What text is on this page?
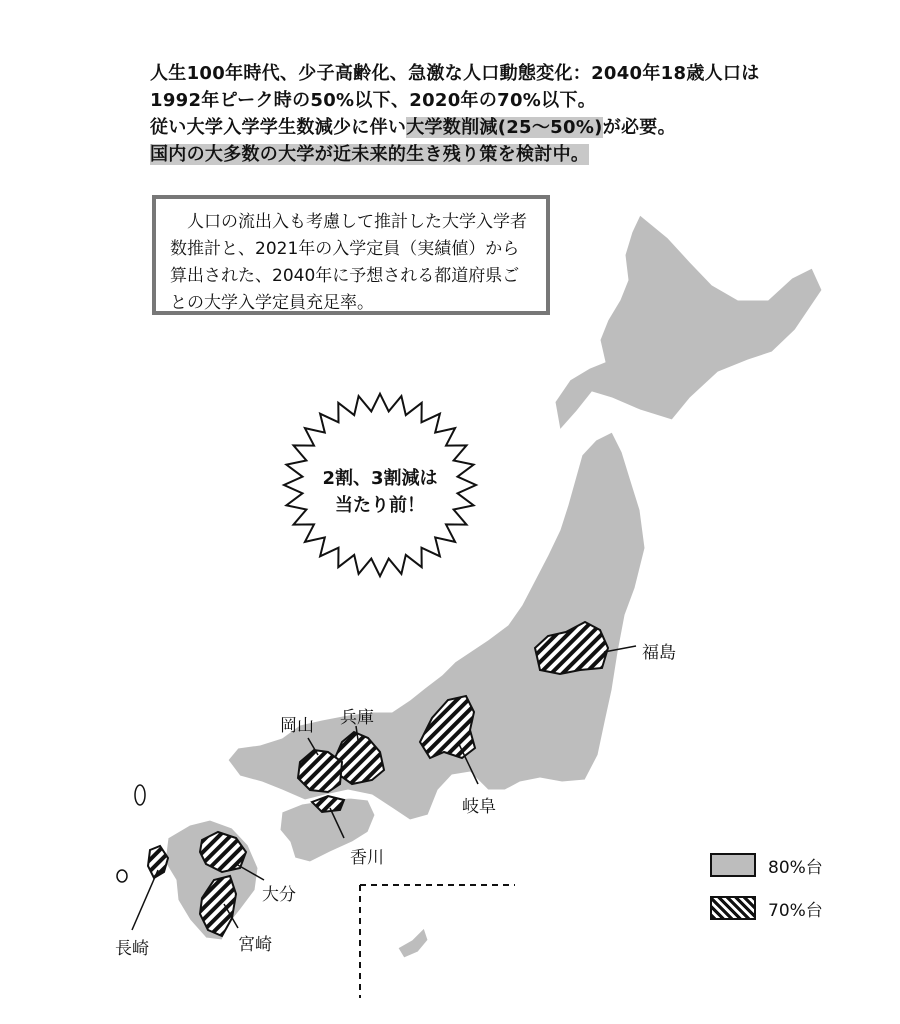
人生100年時代、少子高齢化、急激な人口動態変化：2040年18歳人口は
1992年ピーク時の50%以下、2020年の70%以下。
従い大学入学学生数減少に伴い大学数削減(25〜50%)が必要。
国内の大多数の大学が近未来的生き残り策を検討中。
人口の流出入も考慮して推計した大学入学者数推計と、2021年の入学定員（実績値）から算出された、2040年に予想される都道府県ごとの大学入学定員充足率。
2割、3割減は
当たり前！
福島
岐阜
兵庫
岡山
香川
大分
宮崎
長崎
80%台
70%台
